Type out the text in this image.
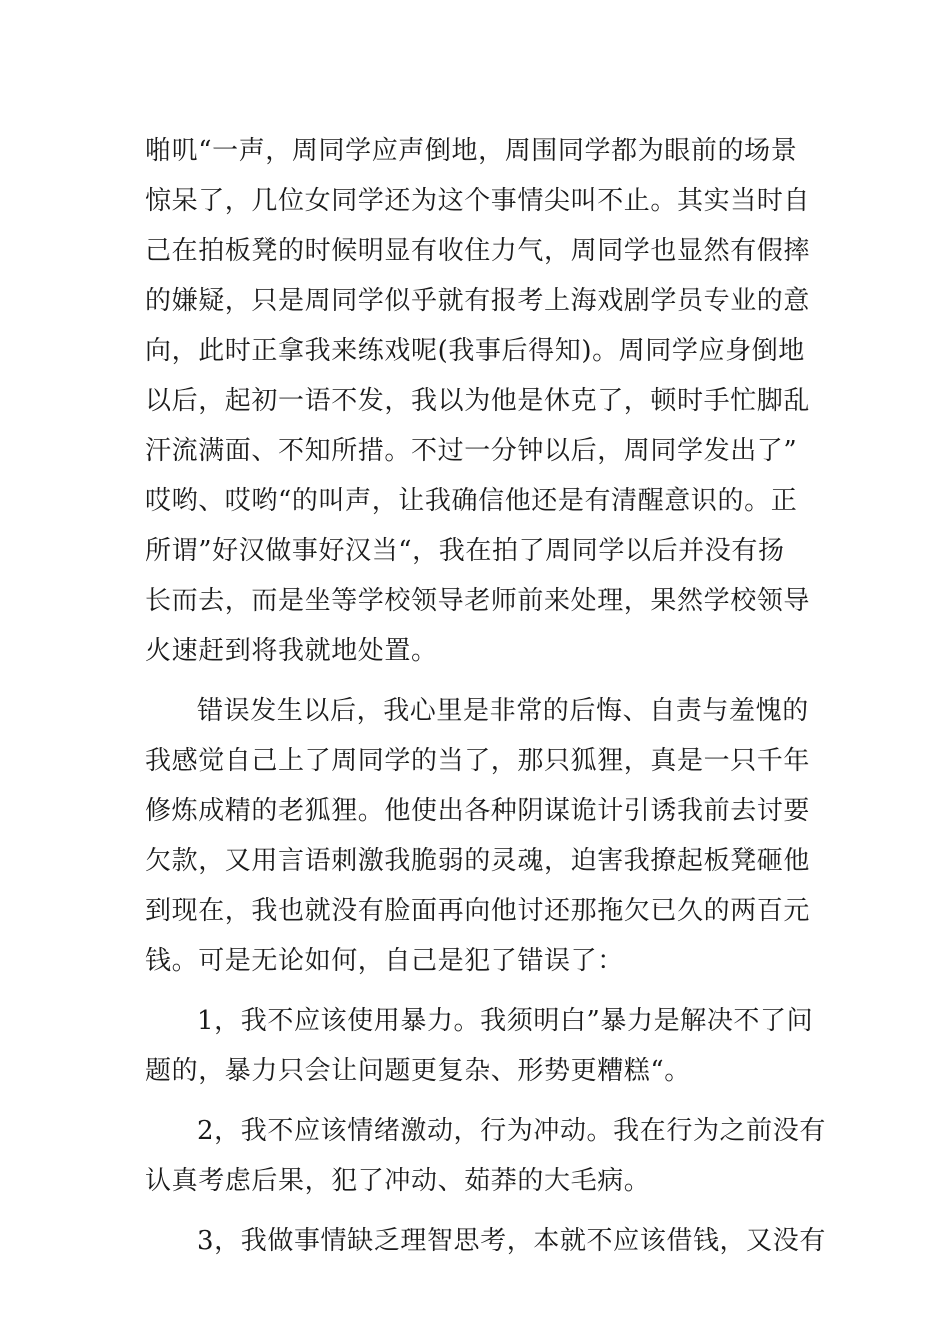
啪叽“一声，周同学应声倒地，周围同学都为眼前的场景
惊呆了，几位女同学还为这个事情尖叫不止。其实当时自
己在拍板凳的时候明显有收住力气，周同学也显然有假摔
的嫌疑，只是周同学似乎就有报考上海戏剧学员专业的意
向，此时正拿我来练戏呢(我事后得知)。周同学应身倒地
以后，起初一语不发，我以为他是休克了，顿时手忙脚乱
汗流满面、不知所措。不过一分钟以后，周同学发出了”
哎哟、哎哟“的叫声，让我确信他还是有清醒意识的。正
所谓”好汉做事好汉当“，我在拍了周同学以后并没有扬
长而去，而是坐等学校领导老师前来处理，果然学校领导
火速赶到将我就地处置。
错误发生以后，我心里是非常的后悔、自责与羞愧的
我感觉自己上了周同学的当了，那只狐狸，真是一只千年
修炼成精的老狐狸。他使出各种阴谋诡计引诱我前去讨要
欠款，又用言语刺激我脆弱的灵魂，迫害我撩起板凳砸他
到现在，我也就没有脸面再向他讨还那拖欠已久的两百元
钱。可是无论如何，自己是犯了错误了：
1，我不应该使用暴力。我须明白”暴力是解决不了问
题的，暴力只会让问题更复杂、形势更糟糕“。
2，我不应该情绪激动，行为冲动。我在行为之前没有
认真考虑后果，犯了冲动、茹莽的大毛病。
3，我做事情缺乏理智思考，本就不应该借钱，又没有
